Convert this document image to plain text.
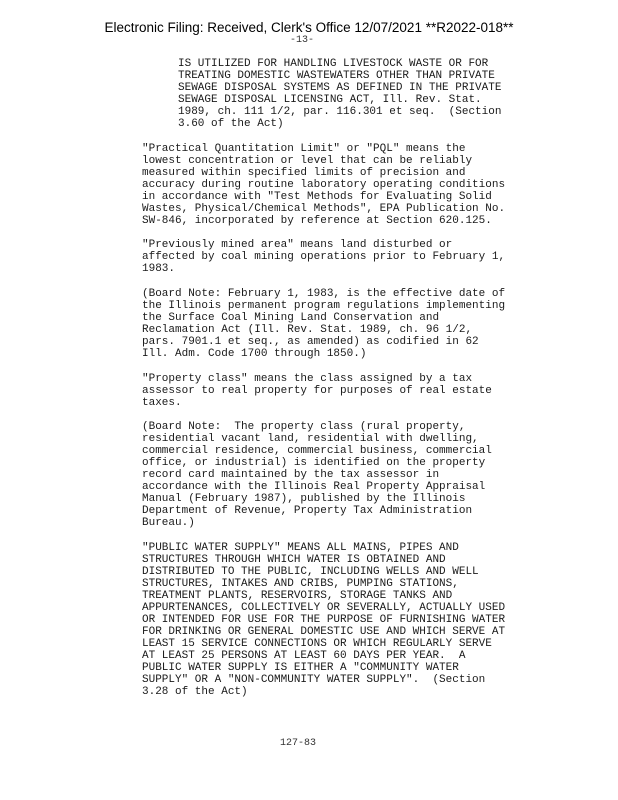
Electronic Filing: Received, Clerk's Office 12/07/2021 **R2022-018**
-13-
IS UTILIZED FOR HANDLING LIVESTOCK WASTE OR FOR
TREATING DOMESTIC WASTEWATERS OTHER THAN PRIVATE
SEWAGE DISPOSAL SYSTEMS AS DEFINED IN THE PRIVATE
SEWAGE DISPOSAL LICENSING ACT, Ill. Rev. Stat.
1989, ch. 111 1/2, par. 116.301 et seq.  (Section
3.60 of the Act)
"Practical Quantitation Limit" or "PQL" means the
lowest concentration or level that can be reliably
measured within specified limits of precision and
accuracy during routine laboratory operating conditions
in accordance with "Test Methods for Evaluating Solid
Wastes, Physical/Chemical Methods", EPA Publication No.
SW-846, incorporated by reference at Section 620.125.
"Previously mined area" means land disturbed or
affected by coal mining operations prior to February 1,
1983.
(Board Note: February 1, 1983, is the effective date of
the Illinois permanent program regulations implementing
the Surface Coal Mining Land Conservation and
Reclamation Act (Ill. Rev. Stat. 1989, ch. 96 1/2,
pars. 7901.1 et seq., as amended) as codified in 62
Ill. Adm. Code 1700 through 1850.)
"Property class" means the class assigned by a tax
assessor to real property for purposes of real estate
taxes.
(Board Note:  The property class (rural property,
residential vacant land, residential with dwelling,
commercial residence, commercial business, commercial
office, or industrial) is identified on the property
record card maintained by the tax assessor in
accordance with the Illinois Real Property Appraisal
Manual (February 1987), published by the Illinois
Department of Revenue, Property Tax Administration
Bureau.)
"PUBLIC WATER SUPPLY" MEANS ALL MAINS, PIPES AND
STRUCTURES THROUGH WHICH WATER IS OBTAINED AND
DISTRIBUTED TO THE PUBLIC, INCLUDING WELLS AND WELL
STRUCTURES, INTAKES AND CRIBS, PUMPING STATIONS,
TREATMENT PLANTS, RESERVOIRS, STORAGE TANKS AND
APPURTENANCES, COLLECTIVELY OR SEVERALLY, ACTUALLY USED
OR INTENDED FOR USE FOR THE PURPOSE OF FURNISHING WATER
FOR DRINKING OR GENERAL DOMESTIC USE AND WHICH SERVE AT
LEAST 15 SERVICE CONNECTIONS OR WHICH REGULARLY SERVE
AT LEAST 25 PERSONS AT LEAST 60 DAYS PER YEAR.  A
PUBLIC WATER SUPPLY IS EITHER A "COMMUNITY WATER
SUPPLY" OR A "NON-COMMUNITY WATER SUPPLY".  (Section
3.28 of the Act)
127-83
